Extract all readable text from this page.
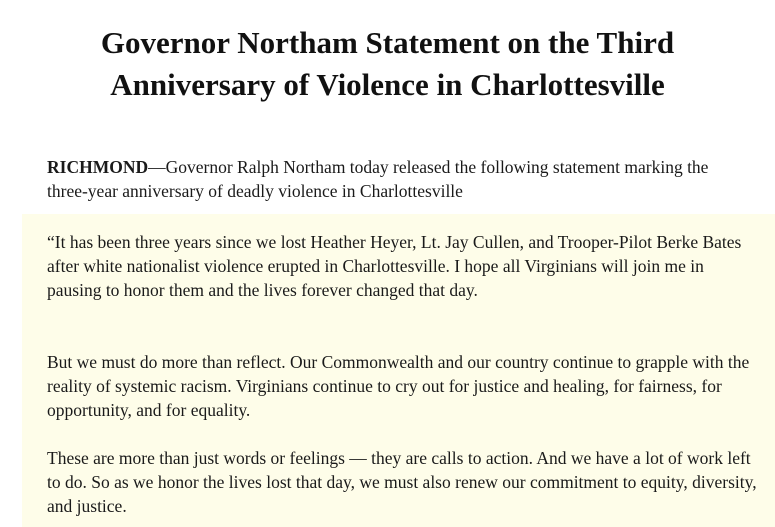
Governor Northam Statement on the Third Anniversary of Violence in Charlottesville

RICHMOND—Governor Ralph Northam today released the following statement marking the three-year anniversary of deadly violence in Charlottesville

“It has been three years since we lost Heather Heyer, Lt. Jay Cullen, and Trooper-Pilot Berke Bates after white nationalist violence erupted in Charlottesville. I hope all Virginians will join me in pausing to honor them and the lives forever changed that day.

But we must do more than reflect. Our Commonwealth and our country continue to grapple with the reality of systemic racism. Virginians continue to cry out for justice and healing, for fairness, for opportunity, and for equality.

These are more than just words or feelings — they are calls to action. And we have a lot of work left to do. So as we honor the lives lost that day, we must also renew our commitment to equity, diversity, and justice.
